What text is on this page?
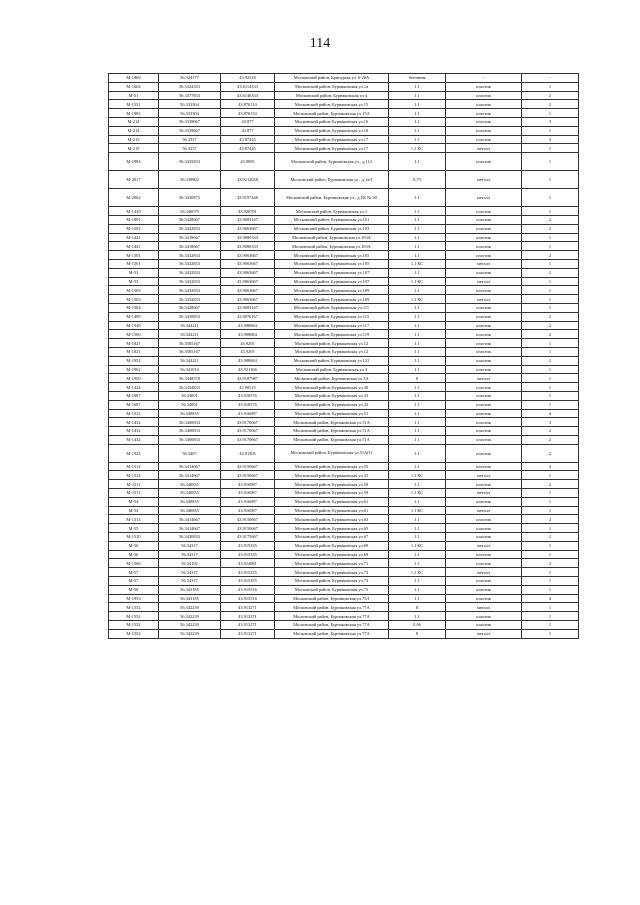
114
М-1869	56.324177	43.92518	Московский район, Бригадная ул. 6-20А	бетонная	-	-
М-1664	56.3324333	43.6114333	Московский район, Бурнаковская ул.1а	1.1	пластик	1
М-51	56.3377833	43.6146333	Московский район, Бурнаковская ул.4	1.1	пластик	2
М-1551	56.333304	43.876133	Московский район, Бурнаковская ул.15	1.1	пластик	2
М-1882	56.333304	43.876133	Московский район, Бурнаковская ул.15А	1.1	пластик	1
М-214	56.3339667	43.877	Московский район, Бурнаковская ул.16	1.1	пластик	3
М-214	56.3339667	43.877	Московский район, Бурнаковская ул.16	1.1	пластик	1
М-215	56.3337	43.87445	Московский район, Бурнаковская ул.17	1.1	пластик	3
М-215	56.3337	43.87445	Московский район, Бурнаковская ул.17	1.1 КС	металл	1
М-1984	56.3435833	43.9095	Московский район, Бурнаковская ул., д.113	1.1	пластик	1
М-2017	56.339802	43.9212658	Московский район, Бурнаковская ул., д.1а/1	0.75	металл	1
М-2062	56.3430875	43.9197446	Московский район, Бурнаковская ул., д.ГК № 30	1.1	металл	1
М-1430	56.340079	43.920701	Московский район, Бурнаковская ул.1	1.1	пластик	1
М-1891	56.3428667	43.9083167	Московский район, Бурнаковская ул.101	1.1	пластик	2
М-1502	56.3432833	43.9063667	Московский район, Бурнаковская ул.103	1.1	пластик	2
М-1441	56.3418667	43.9080333	Московский район, Бурнаковская ул.103А	1.1	пластик	1
М-1441	56.3418667	43.9080333	Московский район, Бурнаковская ул.103А	1.1	пластик	1
М-1501	56.3432833	43.9063667	Московский район, Бурнаковская ул.105	1.1	пластик	2
М-1501	56.3432833	43.9063667	Московский район, Бурнаковская ул.105	1.1 КС	металл	1
М-53	56.3432833	43.9063667	Московский район, Бурнаковская ул.107	1.1	пластик	2
М-53	56.3432833	43.9063667	Московский район, Бурнаковская ул.107	1.1 КС	металл	1
М-1503	56.3432833	43.9063667	Московский район, Бурнаковская ул.109	1.1	пластик	1
М-1503	56.3432833	43.9063667	Московский район, Бурнаковская ул.109	1.1 КС	металл	1
М-1504	56.3428667	43.9083167	Московский район, Бурнаковская ул.111	1.1	пластик	1
М-1499	56.3439833	43.9076167	Московский район, Бурнаковская ул.115	1.1	пластик	2
М-1949	56.344211	43.908684	Московский район, Бурнаковская ул.117	1.1	пластик	2
М-1500	56.344211	43.908684	Московский район, Бурнаковская ул.119	1.1	пластик	2
М-1821	56.3505167	43.9205	Московский район, Бурнаковская ул.12	1.1	пластик	1
М-1821	56.3505167	43.9205	Московский район, Бурнаковская ул.12	1.1	пластик	1
М-1952	56.344211	43.908684	Московский район, Бурнаковская ул.121	1.1	пластик	2
М-1962	56.341014	43.921366	Московский район, Бурнаковская ул.3	1.1	пластик	1
М-1950	56.3448578	43.9187987	Московский район, Бурнаковская ул.3А	8	металл	1
М-1424	56.3434833	43.90515	Московский район, Бурнаковская ул.30	1.1	пластик	1
М-1687	56.34001	43.918576	Московский район, Бурнаковская ул.33	1.1	пластик	1
М-1687	56.34001	43.918576	Московский район, Бурнаковская ул.33	1.1	пластик	1
М-1512	56.340835	43.916087	Московский район, Бурнаковская ул.51	1.1	пластик	4
М-1432	56.3400833	43.9170667	Московский район, Бурнаковская ул.51А	1.1	пластик	3
М-1432	56.3400833	43.9170667	Московский район, Бурнаковская ул.51А	1.1	пластик	2
М-1432	56.3400833	43.9170667	Московский район, Бурнаковская ул.51А	1.1	пластик	2
М-1923	56.3407	43.91305	Московский район, Бурнаковская ул.51А(1)	1.1	пластик	2
М-1514	56.3414667	43.9150667	Московский район, Бурнаковская ул.55	1.1	пластик	3
М-1514	56.3414667	43.9150667	Московский район, Бурнаковская ул.55	1.1 КС	металл	1
М-1511	56.340835	43.916087	Московский район, Бурнаковская ул.59	1.1	пластик	2
М-1511	56.340835	43.916087	Московский район, Бурнаковская ул.59	1.1 КС	металл	1
М-54	56.340835	43.916087	Московский район, Бурнаковская ул.61	1.1	пластик	1
М-54	56.340835	43.916087	Московский район, Бурнаковская ул.61	1.1 КС	металл	1
М-1513	56.3414667	43.9150667	Московский район, Бурнаковская ул.63	1.1	пластик	2
М-55	56.3414667	43.9150667	Московский район, Бурнаковская ул.65	1.1	пластик	1
М-1510	56.3420833	43.9175667	Московский район, Бурнаковская ул.67	1.1	пластик	2
М-56	56.34317	43.915335	Московский район, Бурнаковская ул.69	1.1 КС	металл	1
М-56	56.34317	43.915335	Московский район, Бурнаковская ул.69	1.1	пластик	1
М-1506	56.34192	43.914081	Московский район, Бурнаковская ул.71	1.1	пластик	2
М-57	56.34317	43.915335	Московский район, Бурнаковская ул.73	1.1 КС	металл	1
М-57	56.34317	43.915335	Московский район, Бурнаковская ул.73	1.1	пластик	1
М-58	56.343185	43.915516	Московский район, Бурнаковская ул.75	1.1	пластик	1
М-1953	56.343185	43.915516	Московский район, Бурнаковская ул.75/1	1.1	пластик	4
М-1552	56.342239	43.913271	Московский район, Бурнаковская ул.77А	8	металл	1
М-1552	56.342239	43.913271	Московский район, Бурнаковская ул.77А	1.1	пластик	1
М-1552	56.342239	43.913271	Московский район, Бурнаковская ул.77А	0.66	пластик	1
М-1552	56.342239	43.913271	Московский район, Бурнаковская ул.77А	8	металл	1
